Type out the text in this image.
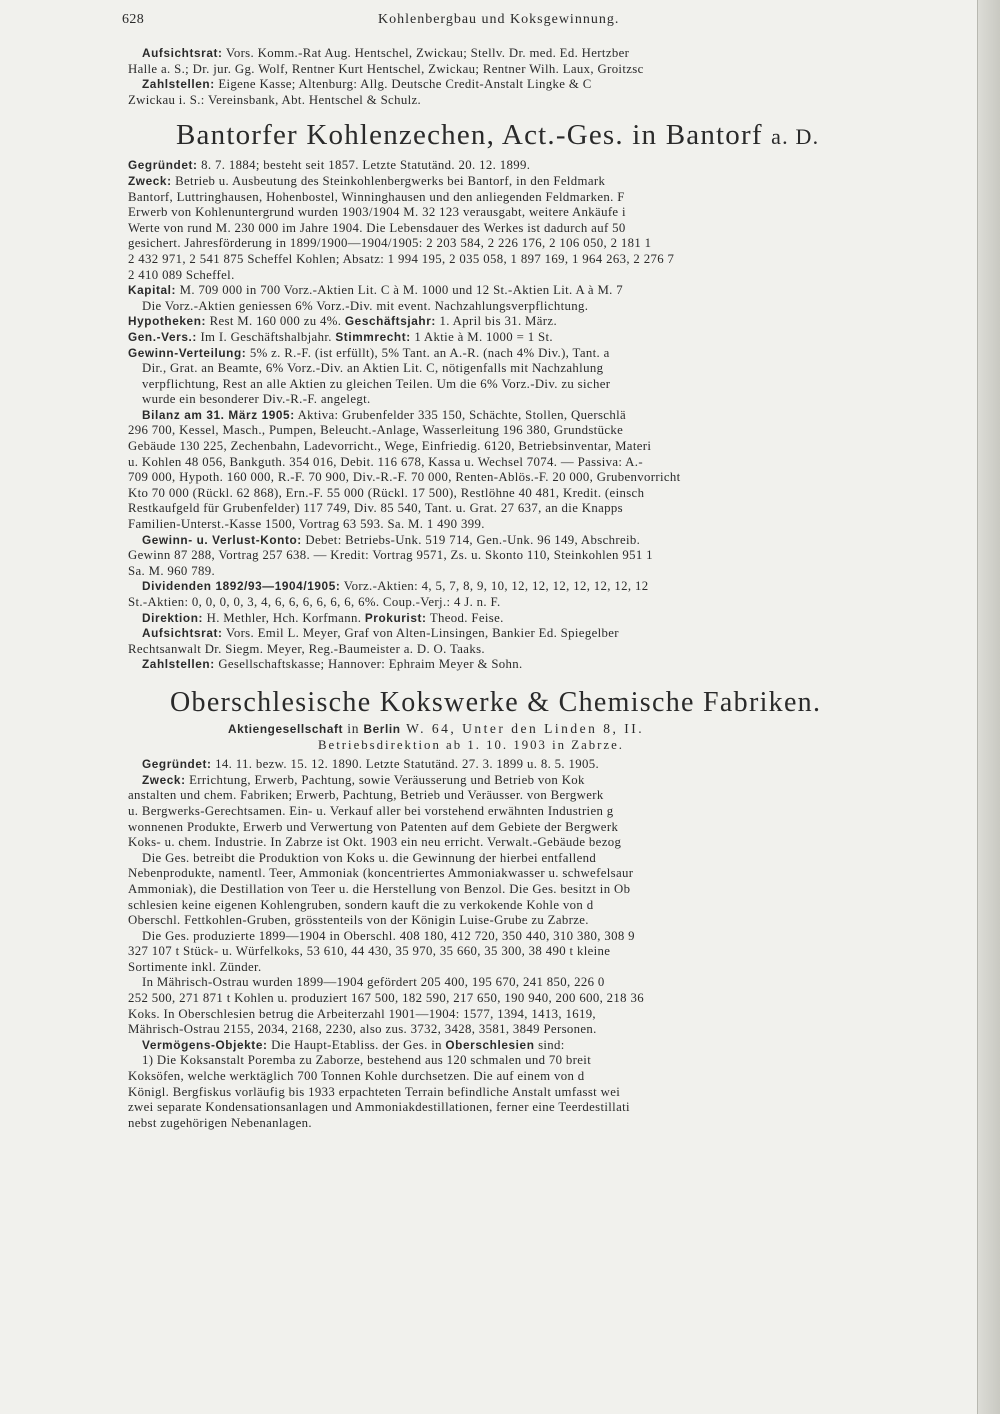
628	Kohlenbergbau und Koksgewinnung.

Aufsichtsrat: Vors. Komm.-Rat Aug. Hentschel, Zwickau; Stellv. Dr. med. Ed. Hertzber

Halle a. S.; Dr. jur. Gg. Wolf, Rentner Kurt Hentschel, Zwickau; Rentner Wilh. Laux, Groitzsc

Zahlstellen: Eigene Kasse; Altenburg: Allg. Deutsche Credit-Anstalt Lingke & C

Zwickau i. S.: Vereinsbank, Abt. Hentschel & Schulz.

Bantorfer Kohlenzechen, Act.-Ges. in Bantorf a. D.

Gegründet: 8. 7. 1884; besteht seit 1857. Letzte Statutänd. 20. 12. 1899.

Zweck: Betrieb u. Ausbeutung des Steinkohlenbergwerks bei Bantorf, in den Feldmark

Bantorf, Luttringhausen, Hohenbostel, Winninghausen und den anliegenden Feldmarken. F

Erwerb von Kohlenuntergrund wurden 1903/1904 M. 32 123 verausgabt, weitere Ankäufe i

Werte von rund M. 230 000 im Jahre 1904. Die Lebensdauer des Werkes ist dadurch auf 50

gesichert. Jahresförderung in 1899/1900—1904/1905: 2 203 584, 2 226 176, 2 106 050, 2 181 1

2 432 971, 2 541 875 Scheffel Kohlen; Absatz: 1 994 195, 2 035 058, 1 897 169, 1 964 263, 2 276 7

2 410 089 Scheffel.

Kapital: M. 709 000 in 700 Vorz.-Aktien Lit. C à M. 1000 und 12 St.-Aktien Lit. A à M. 7

Die Vorz.-Aktien geniessen 6% Vorz.-Div. mit event. Nachzahlungsverpflichtung.

Hypotheken: Rest M. 160 000 zu 4%. Geschäftsjahr: 1. April bis 31. März.

Gen.-Vers.: Im I. Geschäftshalbjahr. Stimmrecht: 1 Aktie à M. 1000 = 1 St.

Gewinn-Verteilung: 5% z. R.-F. (ist erfüllt), 5% Tant. an A.-R. (nach 4% Div.), Tant. a

Dir., Grat. an Beamte, 6% Vorz.-Div. an Aktien Lit. C, nötigenfalls mit Nachzahlung

verpflichtung, Rest an alle Aktien zu gleichen Teilen. Um die 6% Vorz.-Div. zu sicher

wurde ein besonderer Div.-R.-F. angelegt.

Bilanz am 31. März 1905: Aktiva: Grubenfelder 335 150, Schächte, Stollen, Querschlä

296 700, Kessel, Masch., Pumpen, Beleucht.-Anlage, Wasserleitung 196 380, Grundstücke

Gebäude 130 225, Zechenbahn, Ladevorricht., Wege, Einfriedig. 6120, Betriebsinventar, Materi

u. Kohlen 48 056, Bankguth. 354 016, Debit. 116 678, Kassa u. Wechsel 7074. — Passiva: A.-

709 000, Hypoth. 160 000, R.-F. 70 900, Div.-R.-F. 70 000, Renten-Ablös.-F. 20 000, Grubenvorricht

Kto 70 000 (Rückl. 62 868), Ern.-F. 55 000 (Rückl. 17 500), Restlöhne 40 481, Kredit. (einsch

Restkaufgeld für Grubenfelder) 117 749, Div. 85 540, Tant. u. Grat. 27 637, an die Knapps

Familien-Unterst.-Kasse 1500, Vortrag 63 593. Sa. M. 1 490 399.

Gewinn- u. Verlust-Konto: Debet: Betriebs-Unk. 519 714, Gen.-Unk. 96 149, Abschreib.

Gewinn 87 288, Vortrag 257 638. — Kredit: Vortrag 9571, Zs. u. Skonto 110, Steinkohlen 951 1

Sa. M. 960 789.

Dividenden 1892/93—1904/1905: Vorz.-Aktien: 4, 5, 7, 8, 9, 10, 12, 12, 12, 12, 12, 12, 12

St.-Aktien: 0, 0, 0, 0, 3, 4, 6, 6, 6, 6, 6, 6, 6%. Coup.-Verj.: 4 J. n. F.

Direktion: H. Methler, Hch. Korfmann. Prokurist: Theod. Feise.

Aufsichtsrat: Vors. Emil L. Meyer, Graf von Alten-Linsingen, Bankier Ed. Spiegelber

Rechtsanwalt Dr. Siegm. Meyer, Reg.-Baumeister a. D. O. Taaks.

Zahlstellen: Gesellschaftskasse; Hannover: Ephraim Meyer & Sohn.

Oberschlesische Kokswerke & Chemische Fabriken.

Aktiengesellschaft in Berlin W. 64, Unter den Linden 8, II.

Betriebsdirektion ab 1. 10. 1903 in Zabrze.

Gegründet: 14. 11. bezw. 15. 12. 1890. Letzte Statutänd. 27. 3. 1899 u. 8. 5. 1905.

Zweck: Errichtung, Erwerb, Pachtung, sowie Veräusserung und Betrieb von Kok

anstalten und chem. Fabriken; Erwerb, Pachtung, Betrieb und Veräusser. von Bergwerk

u. Bergwerks-Gerechtsamen. Ein- u. Verkauf aller bei vorstehend erwähnten Industrien g

wonnenen Produkte, Erwerb und Verwertung von Patenten auf dem Gebiete der Bergwerk

Koks- u. chem. Industrie. In Zabrze ist Okt. 1903 ein neu erricht. Verwalt.-Gebäude bezog

Die Ges. betreibt die Produktion von Koks u. die Gewinnung der hierbei entfallend

Nebenprodukte, namentl. Teer, Ammoniak (koncentriertes Ammoniakwasser u. schwefelsaur

Ammoniak), die Destillation von Teer u. die Herstellung von Benzol. Die Ges. besitzt in Ob

schlesien keine eigenen Kohlengruben, sondern kauft die zu verkokende Kohle von d

Oberschl. Fettkohlen-Gruben, grösstenteils von der Königin Luise-Grube zu Zabrze.

Die Ges. produzierte 1899—1904 in Oberschl. 408 180, 412 720, 350 440, 310 380, 308 9

327 107 t Stück- u. Würfelkoks, 53 610, 44 430, 35 970, 35 660, 35 300, 38 490 t kleine

Sortimente inkl. Zünder.

In Mährisch-Ostrau wurden 1899—1904 gefördert 205 400, 195 670, 241 850, 226 0

252 500, 271 871 t Kohlen u. produziert 167 500, 182 590, 217 650, 190 940, 200 600, 218 36

Koks. In Oberschlesien betrug die Arbeiterzahl 1901—1904: 1577, 1394, 1413, 1619,

Mährisch-Ostrau 2155, 2034, 2168, 2230, also zus. 3732, 3428, 3581, 3849 Personen.

Vermögens-Objekte: Die Haupt-Etabliss. der Ges. in Oberschlesien sind:

1) Die Koksanstalt Poremba zu Zaborze, bestehend aus 120 schmalen und 70 breit

Koksöfen, welche werktäglich 700 Tonnen Kohle durchsetzen. Die auf einem von d

Königl. Bergfiskus vorläufig bis 1933 erpachteten Terrain befindliche Anstalt umfasst wei

zwei separate Kondensationsanlagen und Ammoniakdestillationen, ferner eine Teerdestillati

nebst zugehörigen Nebenanlagen.
